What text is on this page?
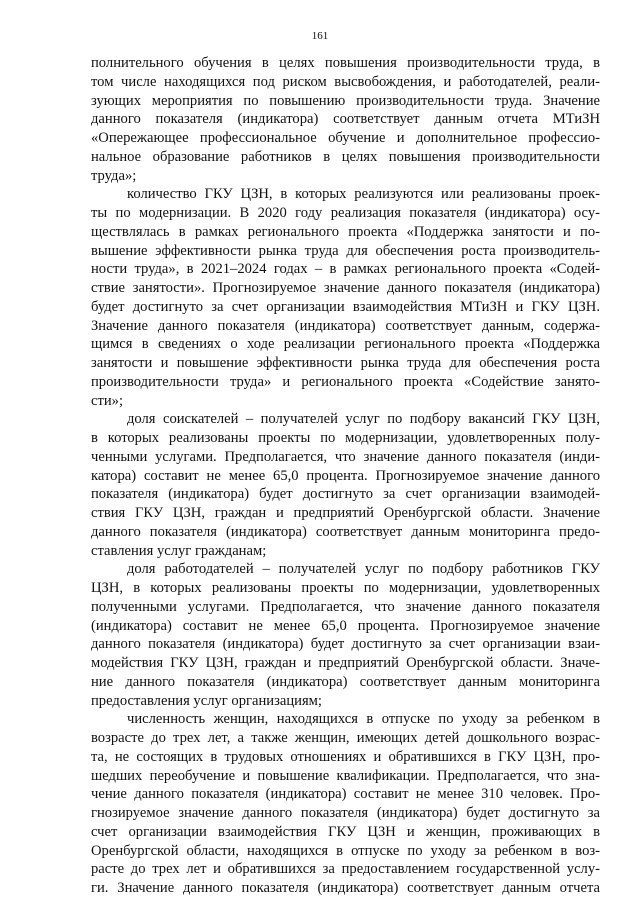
161
полнительного обучения в целях повышения производительности труда, в
том числе находящихся под риском высвобождения, и работодателей, реали-
зующих мероприятия по повышению производительности труда. Значение
данного показателя (индикатора) соответствует данным отчета МТиЗН
«Опережающее профессиональное обучение и дополнительное профессио-
нальное образование работников в целях повышения производительности
труда»;
количество ГКУ ЦЗН, в которых реализуются или реализованы проек-
ты по модернизации. В 2020 году реализация показателя (индикатора) осу-
ществлялась в рамках регионального проекта «Поддержка занятости и по-
вышение эффективности рынка труда для обеспечения роста производитель-
ности труда», в 2021–2024 годах – в рамках регионального проекта «Содей-
ствие занятости». Прогнозируемое значение данного показателя (индикатора)
будет достигнуто за счет организации взаимодействия МТиЗН и ГКУ ЦЗН.
Значение данного показателя (индикатора) соответствует данным, содержа-
щимся в сведениях о ходе реализации регионального проекта «Поддержка
занятости и повышение эффективности рынка труда для обеспечения роста
производительности труда» и регионального проекта «Содействие занято-
сти»;
доля соискателей – получателей услуг по подбору вакансий ГКУ ЦЗН,
в которых реализованы проекты по модернизации, удовлетворенных полу-
ченными услугами. Предполагается, что значение данного показателя (инди-
катора) составит не менее 65,0 процента. Прогнозируемое значение данного
показателя (индикатора) будет достигнуто за счет организации взаимодей-
ствия ГКУ ЦЗН, граждан и предприятий Оренбургской области. Значение
данного показателя (индикатора) соответствует данным мониторинга предо-
ставления услуг гражданам;
доля работодателей – получателей услуг по подбору работников ГКУ
ЦЗН, в которых реализованы проекты по модернизации, удовлетворенных
полученными услугами. Предполагается, что значение данного показателя
(индикатора) составит не менее 65,0 процента. Прогнозируемое значение
данного показателя (индикатора) будет достигнуто за счет организации взаи-
модействия ГКУ ЦЗН, граждан и предприятий Оренбургской области. Значе-
ние данного показателя (индикатора) соответствует данным мониторинга
предоставления услуг организациям;
численность женщин, находящихся в отпуске по уходу за ребенком в
возрасте до трех лет, а также женщин, имеющих детей дошкольного возрас-
та, не состоящих в трудовых отношениях и обратившихся в ГКУ ЦЗН, про-
шедших переобучение и повышение квалификации. Предполагается, что зна-
чение данного показателя (индикатора) составит не менее 310 человек. Про-
гнозируемое значение данного показателя (индикатора) будет достигнуто за
счет организации взаимодействия ГКУ ЦЗН и женщин, проживающих в
Оренбургской области, находящихся в отпуске по уходу за ребенком в воз-
расте до трех лет и обратившихся за предоставлением государственной услу-
ги. Значение данного показателя (индикатора) соответствует данным отчета
